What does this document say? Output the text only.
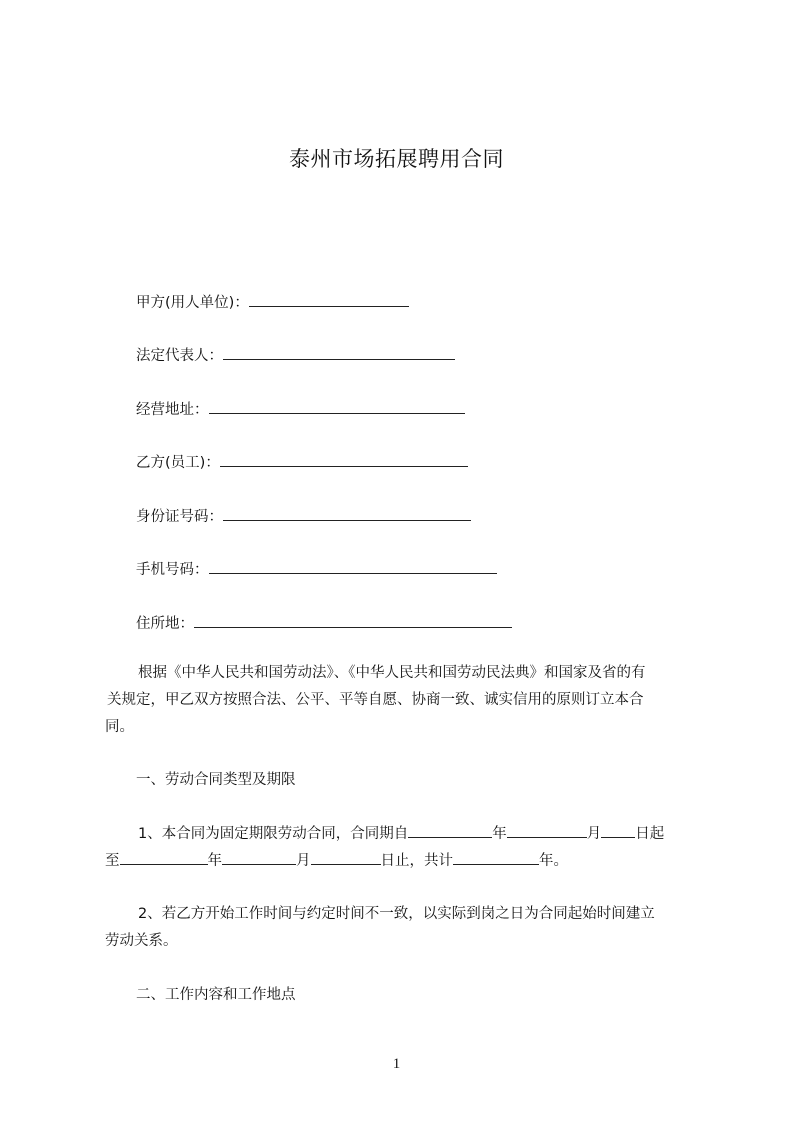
泰州市场拓展聘用合同
甲方(用人单位)：
法定代表人：
经营地址：
乙方(员工)：
身份证号码：
手机号码：
住所地：
根据《中华人民共和国劳动法》、《中华人民共和国劳动民法典》和国家及省的有
关规定，甲乙双方按照合法、公平、平等自愿、协商一致、诚实信用的原则订立本合
同。
一、劳动合同类型及期限
1、本合同为固定期限劳动合同，合同期自	年	月 日起
至	年	月	日止，共计	年。
2、若乙方开始工作时间与约定时间不一致，以实际到岗之日为合同起始时间建立
劳动关系。
二、工作内容和工作地点
1
